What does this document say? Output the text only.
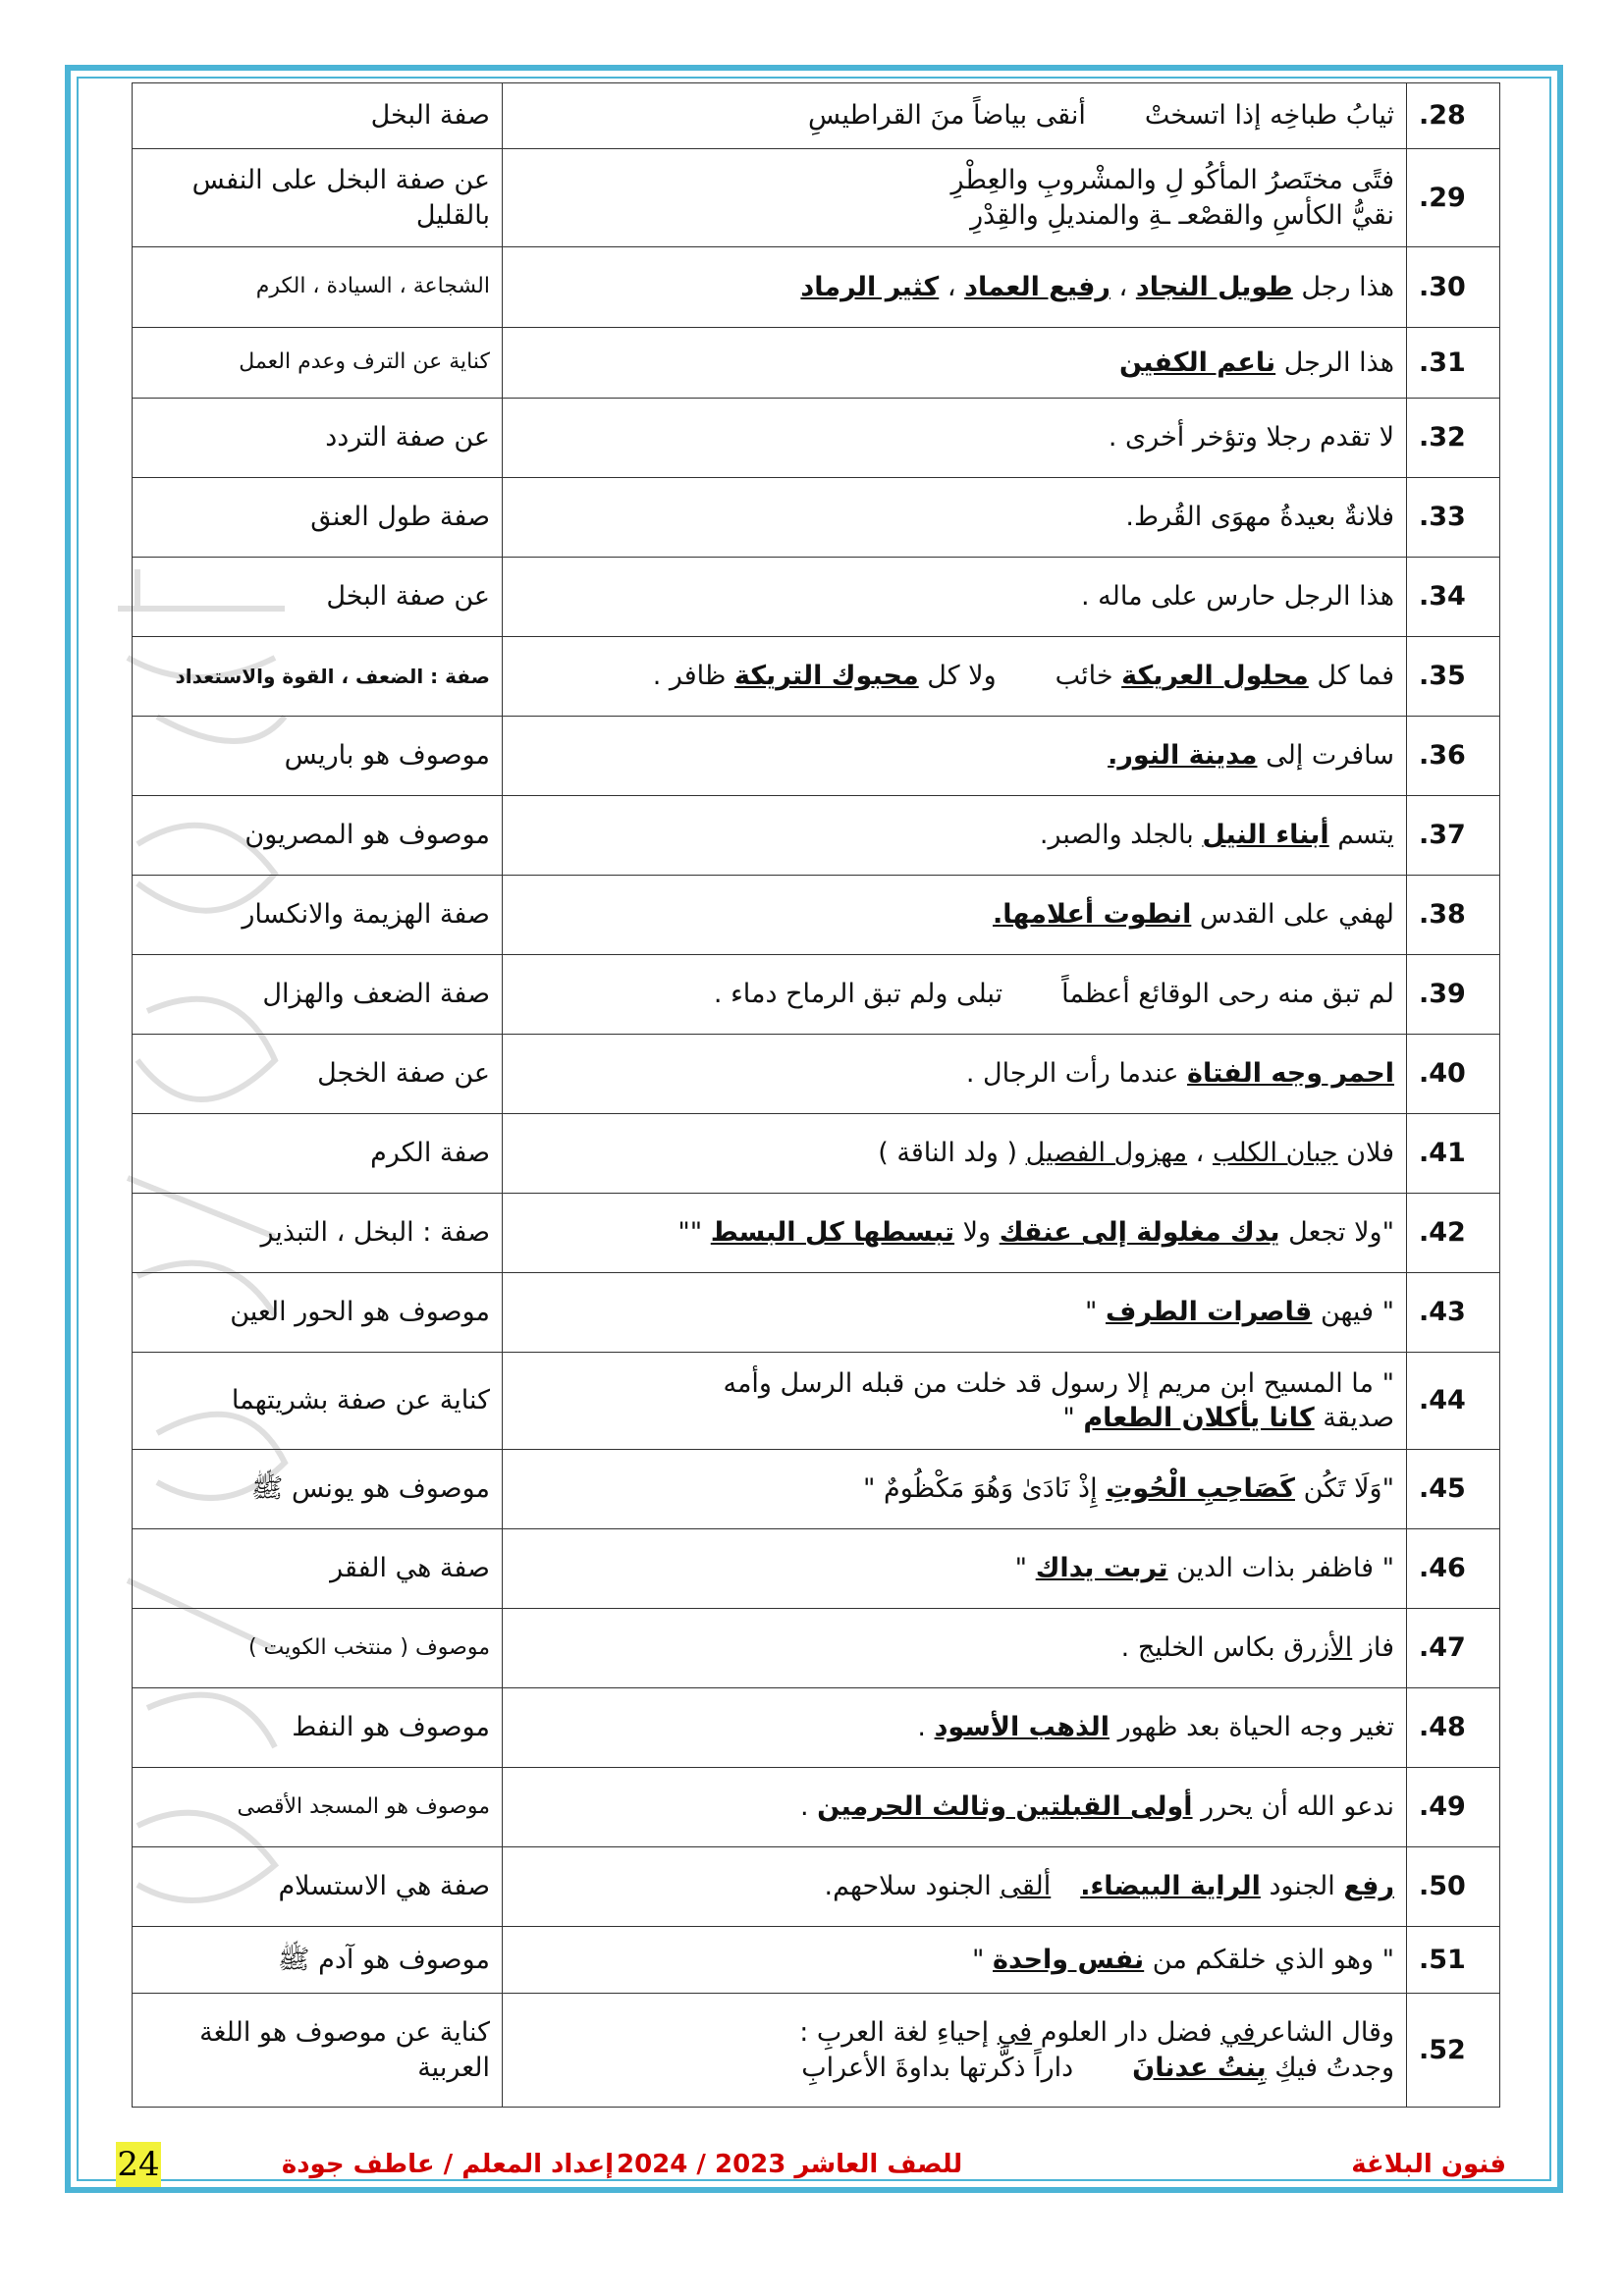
.28	ثيابُ طباخِه إذا اتسختْأنقى بياضاً منَ القراطيسِ	صفة البخل
.29	فتًى مختَصرُ المأكُو لِ والمشْروبِ والعِطْرِ
نقيُّ الكأسِ والقصْعـ ـةِ والمنديلِ والقِدْرِ	عن صفة البخل على النفس بالقليل
.30	هذا رجل طويل النجاد ، رفيع العماد ، كثير الرماد	الشجاعة ، السيادة ، الكرم
.31	هذا الرجل ناعم الكفين	كناية عن الترف وعدم العمل
.32	لا تقدم رجلا وتؤخر أخرى .	عن صفة التردد
.33	فلانةٌ بعيدةُ مهوَى القُرط.	صفة طول العنق
.34	هذا الرجل حارس على ماله .	عن صفة البخل
.35	فما كل محلول العريكة خائبولا كل محبوك التريكة ظافر .	صفة : الضعف ، القوة والاستعداد
.36	سافرت إلى مدينة النور.	موصوف هو باريس
.37	يتسم أبناء النيل بالجلد والصبر.	موصوف هو المصريون
.38	لهفي على القدس انطوت أعلامها.	صفة الهزيمة والانكسار
.39	لم تبق منه رحى الوقائع أعظماًتبلى ولم تبق الرماح دماء .	صفة الضعف والهزال
.40	احمر وجه الفتاة عندما رأت الرجال .	عن صفة الخجل
.41	فلان جبان الكلب ، مهزول الفصيل ( ولد الناقة )	صفة الكرم
.42	"ولا تجعل يدك مغلولة إلى عنقك ولا تبسطها كل البسط ""	صفة : البخل ، التبذير
.43	" فيهن قاصرات الطرف "	موصوف هو الحور العين
.44	" ما المسيح ابن مريم إلا رسول قد خلت من قبله الرسل وأمه
صديقة كانا يأكلان الطعام "	كناية عن صفة بشريتهما
.45	"وَلَا تَكُن كَصَاحِبِ الْحُوتِ إِذْ نَادَىٰ وَهُوَ مَكْظُومٌ "	موصوف هو يونس ﷺ
.46	" فاظفر بذات الدين تربت يداك "	صفة هي الفقر
.47	فاز الأزرق بكاس الخليج .	موصوف ( منتخب الكويت )
.48	تغير وجه الحياة بعد ظهور الذهب الأسود .	موصوف هو النفط
.49	ندعو الله أن يحرر أولى القبلتين وثالث الحرمين .	موصوف هو المسجد الأقصى
.50	رفع الجنود الراية البيضاء.ألقى الجنود سلاحهم.	صفة هي الاستسلام
.51	" وهو الذي خلقكم من نفس واحدة "	موصوف هو آدم ﷺ
.52	وقال الشاعرفي فضل دار العلوم في إحياءِ لغة العربِ :
وجدتُ فيكِ بِنتُ عدنانَداراً ذكَّرتها بداوةَ الأعرابِ	كناية عن موصوف هو اللغة العربية
24	إعداد المعلم / عاطف جودة للصف العاشر 2023 / 2024	فنون البلاغة
